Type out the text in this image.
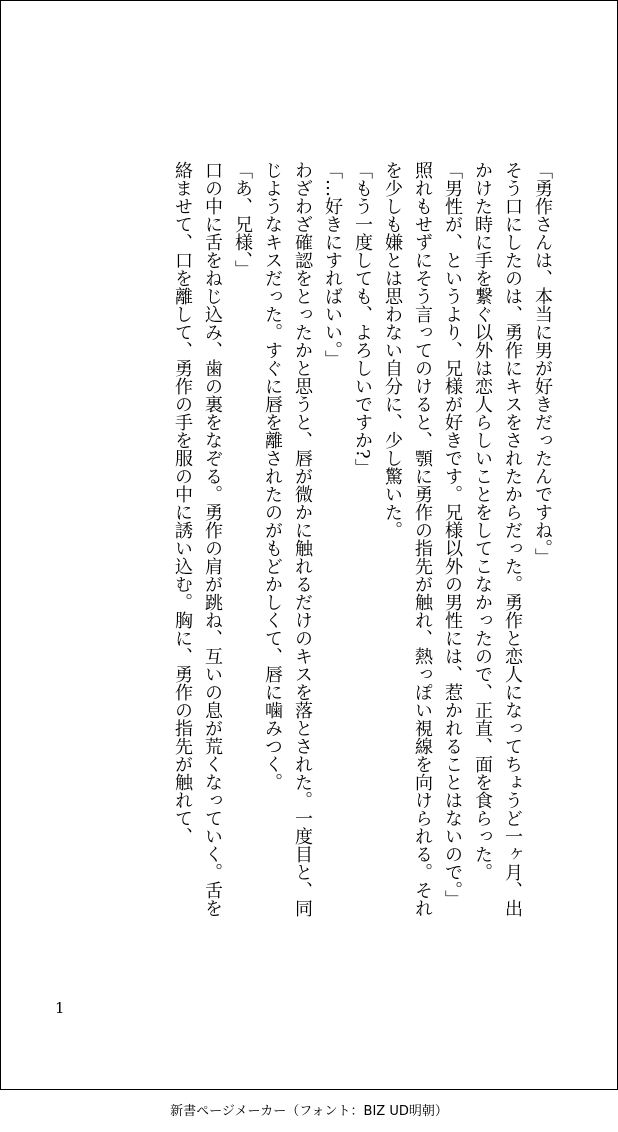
「勇作さんは、本当に男が好きだったんですね。」

そう口にしたのは、勇作にキスをされたからだった。勇作と恋人になってちょうど一ヶ月、出かけた時に手を繋ぐ以外は恋人らしいことをしてこなかったので、正直、面を食らった。

「男性が、というより、兄様が好きです。兄様以外の男性には、惹かれることはないので。」

照れもせずにそう言ってのけると、顎に勇作の指先が触れ、熱っぽい視線を向けられる。それを少しも嫌とは思わない自分に、少し驚いた。

「もう一度しても、よろしいですか?」

「…好きにすればいい。」

わざわざ確認をとったかと思うと、唇が微かに触れるだけのキスを落とされた。一度目と、同じようなキスだった。すぐに唇を離されたのがもどかしくて、唇に噛みつく。

「あ、兄様、」

口の中に舌をねじ込み、歯の裏をなぞる。勇作の肩が跳ね、互いの息が荒くなっていく。舌を絡ませて、口を離して、勇作の手を服の中に誘い込む。胸に、勇作の指先が触れて、

1
新書ページメーカー（フォント：BIZ UD明朝）
